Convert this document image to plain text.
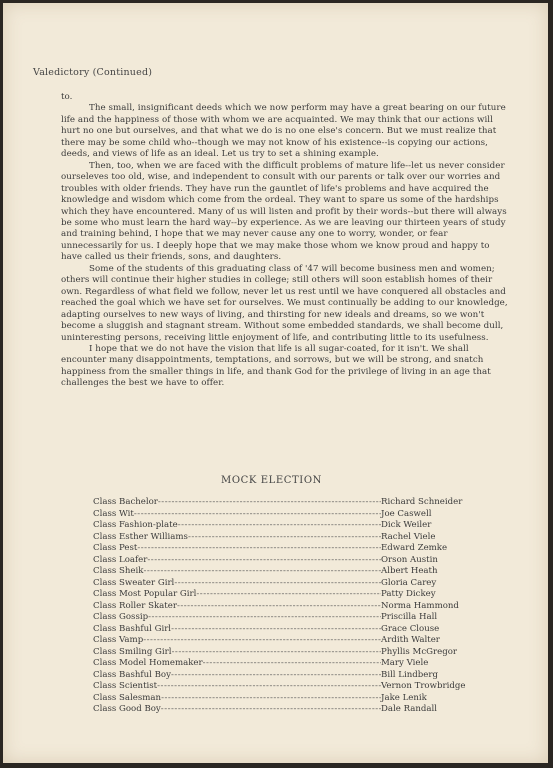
Valedictory (Continued)

to.

The small, insignificant deeds which we now perform may have a great bearing on our future life and the happiness of those with whom we are acquainted. We may think that our actions will hurt no one but ourselves, and that what we do is no one else's concern. But we must realize that there may be some child who--though we may not know of his existence--is copying our actions, deeds, and views of life as an ideal. Let us try to set a shining example.

Then, too, when we are faced with the difficult problems of mature life--let us never consider ourseleves too old, wise, and independent to consult with our parents or talk over our worries and troubles with older friends. They have run the gauntlet of life's problems and have acquired the knowledge and wisdom which come from the ordeal. They want to spare us some of the hardships which they have encountered. Many of us will listen and profit by their words--but there will always be some who must learn the hard way--by experience. As we are leaving our thirteen years of study and training behind, I hope that we may never cause any one to worry, wonder, or fear unnecessarily for us. I deeply hope that we may make those whom we know proud and happy to have called us their friends, sons, and daughters.

Some of the students of this graduating class of '47 will become business men and women; others will continue their higher studies in college; still others will soon establish homes of their own. Regardless of what field we follow, never let us rest until we have conquered all obstacles and reached the goal which we have set for ourselves. We must continually be adding to our knowledge, adapting ourselves to new ways of living, and thirsting for new ideals and dreams, so we won't become a sluggish and stagnant stream. Without some embedded standards, we shall become dull, uninteresting persons, receiving little enjoyment of life, and contributing little to its usefulness.

I hope that we do not have the vision that life is all sugar-coated, for it isn't. We shall encounter many disappointments, temptations, and sorrows, but we will be strong, and snatch happiness from the smaller things in life, and thank God for the privilege of living in an age that challenges the best we have to offer.

MOCK ELECTION
Class Bachelor -----	Richard Schneider
Class Wit -----	Joe Caswell
Class Fashion-plate -----	Dick Weiler
Class Esther Williams -----	Rachel Viele
Class Pest -----	Edward Zemke
Class Loafer -----	Orson Austin
Class Sheik -----	Albert Heath
Class Sweater Girl -----	Gloria Carey
Class Most Popular Girl -----	Patty Dickey
Class Roller Skater -----	Norma Hammond
Class Gossip -----	Priscilla Hall
Class Bashful Girl -----	Grace Clouse
Class Vamp -----	Ardith Walter
Class Smiling Girl -----	Phyllis McGregor
Class Model Homemaker -----	Mary Viele
Class Bashful Boy -----	Bill Lindberg
Class Scientist -----	Vernon Trowbridge
Class Salesman -----	Jake Lenik
Class Good Boy -----	Dale Randall
